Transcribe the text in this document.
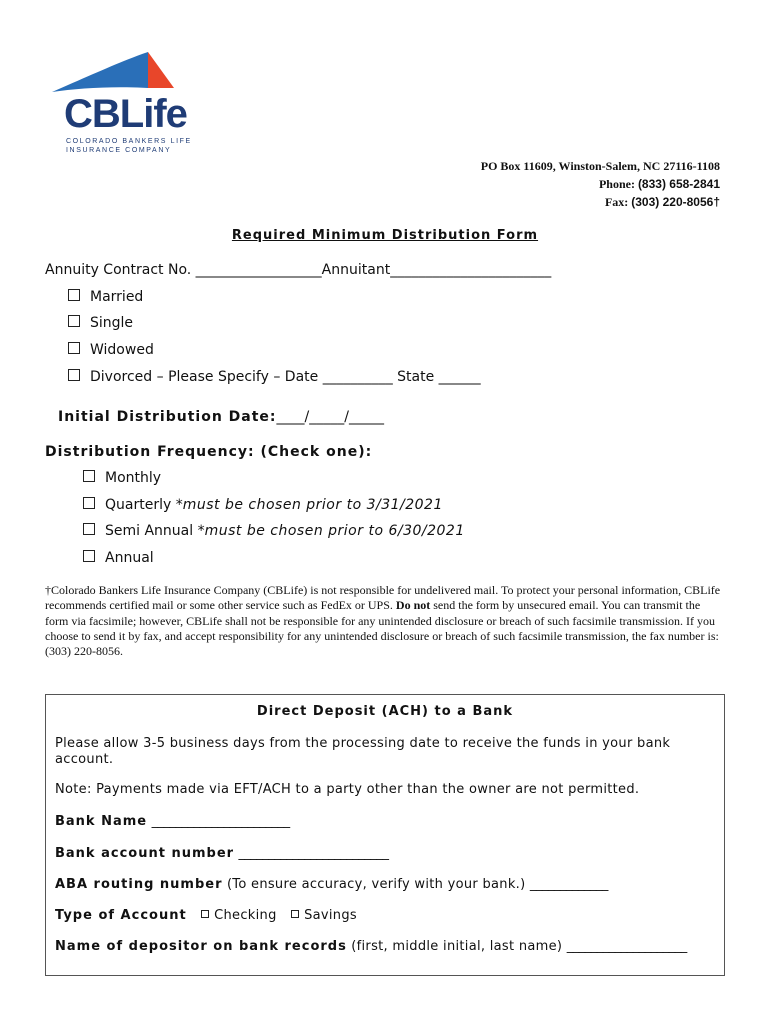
CBLife
COLORADO BANKERS LIFE
INSURANCE COMPANY
PO Box 11609, Winston-Salem, NC 27116-1108
Phone: (833) 658-2841
Fax: (303) 220-8056†
Required Minimum Distribution Form
Annuity Contract No. __________________Annuitant_______________________
Married
Single
Widowed
Divorced – Please Specify – Date __________ State ______
Initial Distribution Date:____/_____/_____
Distribution Frequency: (Check one):
Monthly
Quarterly *must be chosen prior to 3/31/2021
Semi Annual *must be chosen prior to 6/30/2021
Annual
†Colorado Bankers Life Insurance Company (CBLife) is not responsible for undelivered mail. To protect your personal information, CBLife recommends certified mail or some other service such as FedEx or UPS. Do not send the form by unsecured email. You can transmit the form via facsimile; however, CBLife shall not be responsible for any unintended disclosure or breach of such facsimile transmission. If you choose to send it by fax, and accept responsibility for any unintended disclosure or breach of such facsimile transmission, the fax number is: (303) 220-8056.
Direct Deposit (ACH) to a Bank
Please allow 3-5 business days from the processing date to receive the funds in your bank account.
Note: Payments made via EFT/ACH to a party other than the owner are not permitted.
Bank Name _______________________
Bank account number _________________________
ABA routing number (To ensure accuracy, verify with your bank.) _____________
Type of Account Checking Savings
Name of depositor on bank records (first, middle initial, last name) ____________________
